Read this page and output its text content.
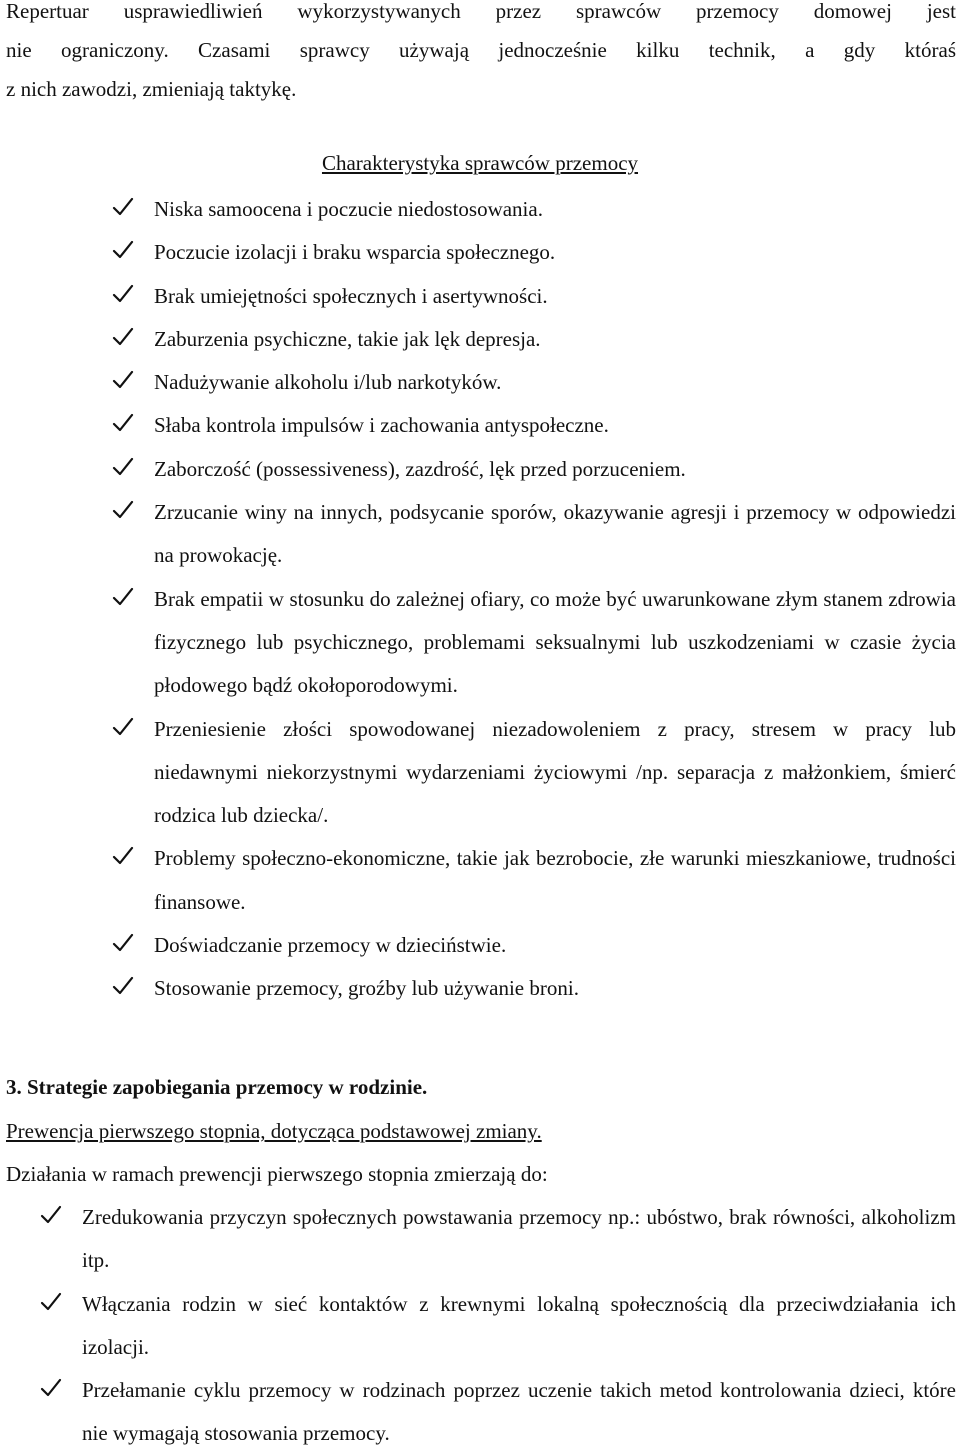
Repertuar usprawiedliwień wykorzystywanych przez sprawców przemocy domowej jest
nie ograniczony. Czasami sprawcy używają jednocześnie kilku technik, a gdy któraś
z nich zawodzi, zmieniają taktykę.
Charakterystyka sprawców przemocy
Niska samoocena i poczucie niedostosowania.
Poczucie izolacji i braku wsparcia społecznego.
Brak umiejętności społecznych i asertywności.
Zaburzenia psychiczne, takie jak lęk depresja.
Nadużywanie alkoholu i/lub narkotyków.
Słaba kontrola impulsów i zachowania antyspołeczne.
Zaborczość (possessiveness), zazdrość, lęk przed porzuceniem.
Zrzucanie winy na innych, podsycanie sporów, okazywanie agresji i przemocy w odpowiedzi na prowokację.
Brak empatii w stosunku do zależnej ofiary, co może być uwarunkowane złym stanem zdrowia fizycznego lub psychicznego, problemami seksualnymi lub uszkodzeniami w czasie życia płodowego bądź okołoporodowymi.
Przeniesienie złości spowodowanej niezadowoleniem z pracy, stresem w pracy lub niedawnymi niekorzystnymi wydarzeniami życiowymi /np. separacja z małżonkiem, śmierć rodzica lub dziecka/.
Problemy społeczno-ekonomiczne, takie jak bezrobocie, złe warunki mieszkaniowe, trudności finansowe.
Doświadczanie przemocy w dzieciństwie.
Stosowanie przemocy, groźby lub używanie broni.
3. Strategie zapobiegania przemocy w rodzinie.
Prewencja pierwszego stopnia, dotycząca podstawowej zmiany.
Działania w ramach prewencji pierwszego stopnia zmierzają do:
Zredukowania przyczyn społecznych powstawania przemocy np.: ubóstwo, brak równości, alkoholizm itp.
Włączania rodzin w sieć kontaktów z krewnymi lokalną społecznością dla przeciwdziałania ich izolacji.
Przełamanie cyklu przemocy w rodzinach poprzez uczenie takich metod kontrolowania dzieci, które nie wymagają stosowania przemocy.
